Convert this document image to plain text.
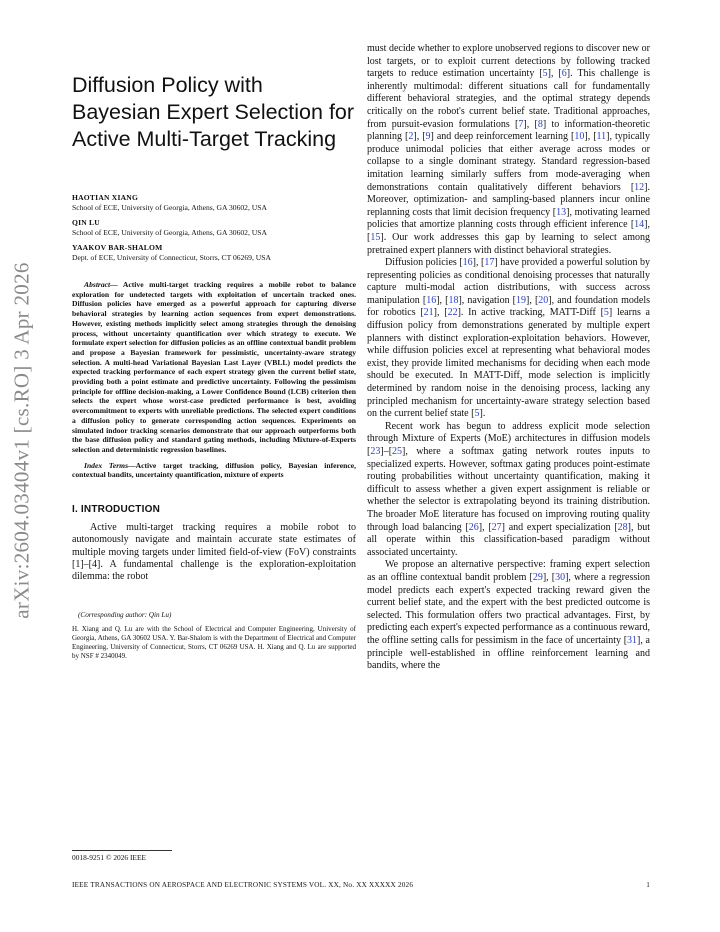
arXiv:2604.03404v1 [cs.RO] 3 Apr 2026
Diffusion Policy with Bayesian Expert Selection for Active Multi-Target Tracking
HAOTIAN XIANG
School of ECE, University of Georgia, Athens, GA 30602, USA
QIN LU
School of ECE, University of Georgia, Athens, GA 30602, USA
YAAKOV BAR-SHALOM
Dept. of ECE, University of Connecticut, Storrs, CT 06269, USA

Abstract— Active multi-target tracking requires a mobile robot to balance exploration for undetected targets with exploitation of uncertain tracked ones. Diffusion policies have emerged as a powerful approach for capturing diverse behavioral strategies by learning action sequences from expert demonstrations. However, existing methods implicitly select among strategies through the denoising process, without uncertainty quantification over which strategy to execute. We formulate expert selection for diffusion policies as an offline contextual bandit problem and propose a Bayesian framework for pessimistic, uncertainty-aware strategy selection. A multi-head Variational Bayesian Last Layer (VBLL) model predicts the expected tracking performance of each expert strategy given the current belief state, providing both a point estimate and predictive uncertainty. Following the pessimism principle for offline decision-making, a Lower Confidence Bound (LCB) criterion then selects the expert whose worst-case predicted performance is best, avoiding overcommitment to experts with unreliable predictions. The selected expert conditions a diffusion policy to generate corresponding action sequences. Experiments on simulated indoor tracking scenarios demonstrate that our approach outperforms both the base diffusion policy and standard gating methods, including Mixture-of-Experts selection and deterministic regression baselines.

Index Terms—Active target tracking, diffusion policy, Bayesian inference, contextual bandits, uncertainty quantification, mixture of experts

I. INTRODUCTION

Active multi-target tracking requires a mobile robot to autonomously navigate and maintain accurate state estimates of multiple moving targets under limited field-of-view (FoV) constraints [1]–[4]. A fundamental challenge is the exploration-exploitation dilemma: the robot

(Corresponding author: Qin Lu)

H. Xiang and Q. Lu are with the School of Electrical and Computer Engineering, University of Georgia, Athens, GA 30602 USA. Y. Bar-Shalom is with the Department of Electrical and Computer Engineering, University of Connecticut, Storrs, CT 06269 USA. H. Xiang and Q. Lu are supported by NSF # 2340049.

0018-9251 © 2026 IEEE

must decide whether to explore unobserved regions to discover new or lost targets, or to exploit current detections by following tracked targets to reduce estimation uncertainty [5], [6]. This challenge is inherently multimodal: different situations call for fundamentally different behavioral strategies, and the optimal strategy depends critically on the robot's current belief state. Traditional approaches, from pursuit-evasion formulations [7], [8] to information-theoretic planning [2], [9] and deep reinforcement learning [10], [11], typically produce unimodal policies that either average across modes or collapse to a single dominant strategy. Standard regression-based imitation learning similarly suffers from mode-averaging when demonstrations contain qualitatively different behaviors [12]. Moreover, optimization- and sampling-based planners incur online replanning costs that limit decision frequency [13], motivating learned policies that amortize planning costs through efficient inference [14], [15]. Our work addresses this gap by learning to select among pretrained expert planners with distinct behavioral strategies.

Diffusion policies [16], [17] have provided a powerful solution by representing policies as conditional denoising processes that naturally capture multi-modal action distributions, with success across manipulation [16], [18], navigation [19], [20], and foundation models for robotics [21], [22]. In active tracking, MATT-Diff [5] learns a diffusion policy from demonstrations generated by multiple expert planners with distinct exploration-exploitation behaviors. However, while diffusion policies excel at representing what behavioral modes exist, they provide limited mechanisms for deciding when each mode should be executed. In MATT-Diff, mode selection is implicitly determined by random noise in the denoising process, lacking any principled mechanism for uncertainty-aware strategy selection based on the current belief state [5].

Recent work has begun to address explicit mode selection through Mixture of Experts (MoE) architectures in diffusion models [23]–[25], where a softmax gating network routes inputs to specialized experts. However, softmax gating produces point-estimate routing probabilities without uncertainty quantification, making it difficult to assess whether a given expert assignment is reliable or whether the selector is extrapolating beyond its training distribution. The broader MoE literature has focused on improving routing quality through load balancing [26], [27] and expert specialization [28], but all operate within this classification-based paradigm without associated uncertainty.

We propose an alternative perspective: framing expert selection as an offline contextual bandit problem [29], [30], where a regression model predicts each expert's expected tracking reward given the current belief state, and the expert with the best predicted outcome is selected. This formulation offers two practical advantages. First, by predicting each expert's expected performance as a continuous reward, the offline setting calls for pessimism in the face of uncertainty [31], a principle well-established in offline reinforcement learning and bandits, where the

IEEE TRANSACTIONS ON AEROSPACE AND ELECTRONIC SYSTEMS VOL. XX, No. XX XXXXX 2026	1
